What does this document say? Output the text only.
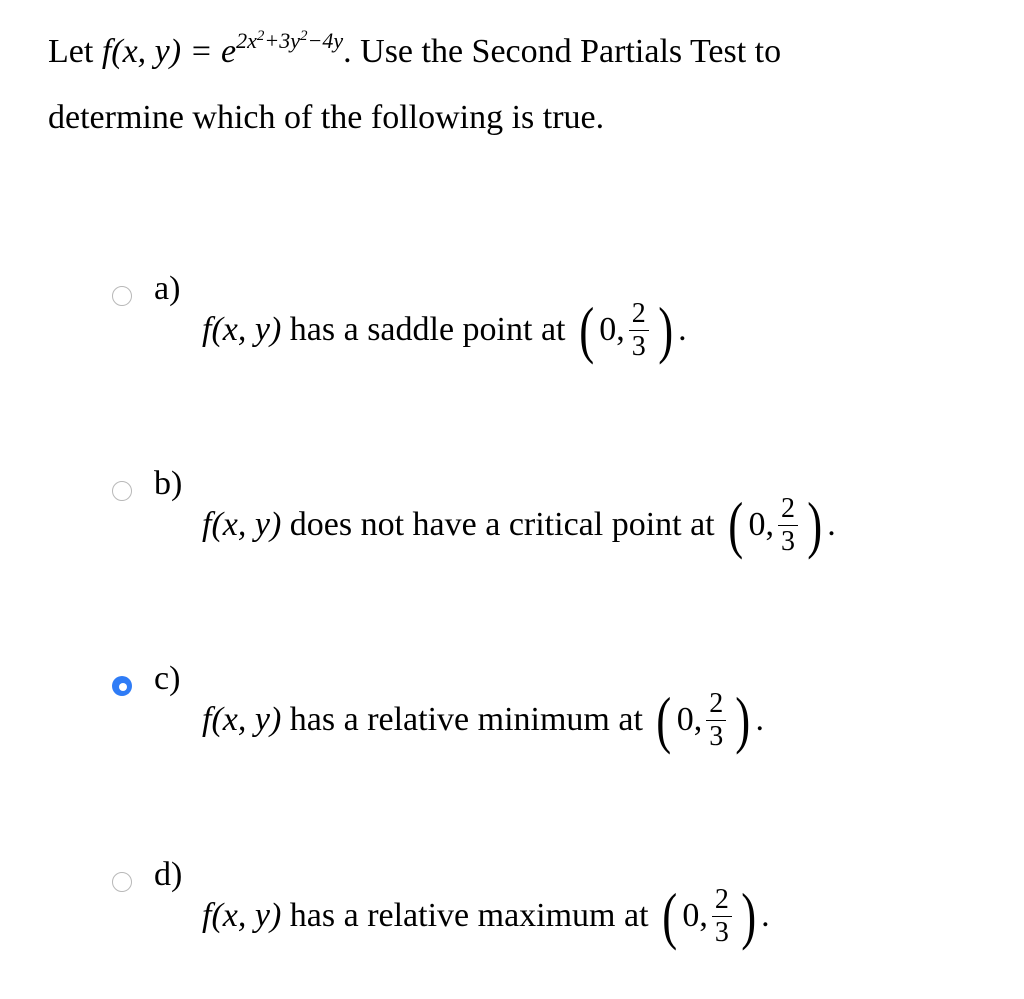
Let f(x, $y) = e^{2x^2+3y^2-4y}$. Use the Second Partials Test to
determine which of the following is true.
a)
f(x, y) has a saddle point at ( 0, $\frac{2}{3}$ ) .
b)
f(x, y) does not have a critical point at ( 0, $\frac{2}{3}$ ) .
c)
f(x, y) has a relative minimum at ( 0, $\frac{2}{3}$ ) .
d)
f(x, y) has a relative maximum at ( 0, $\frac{2}{3}$ ) .
